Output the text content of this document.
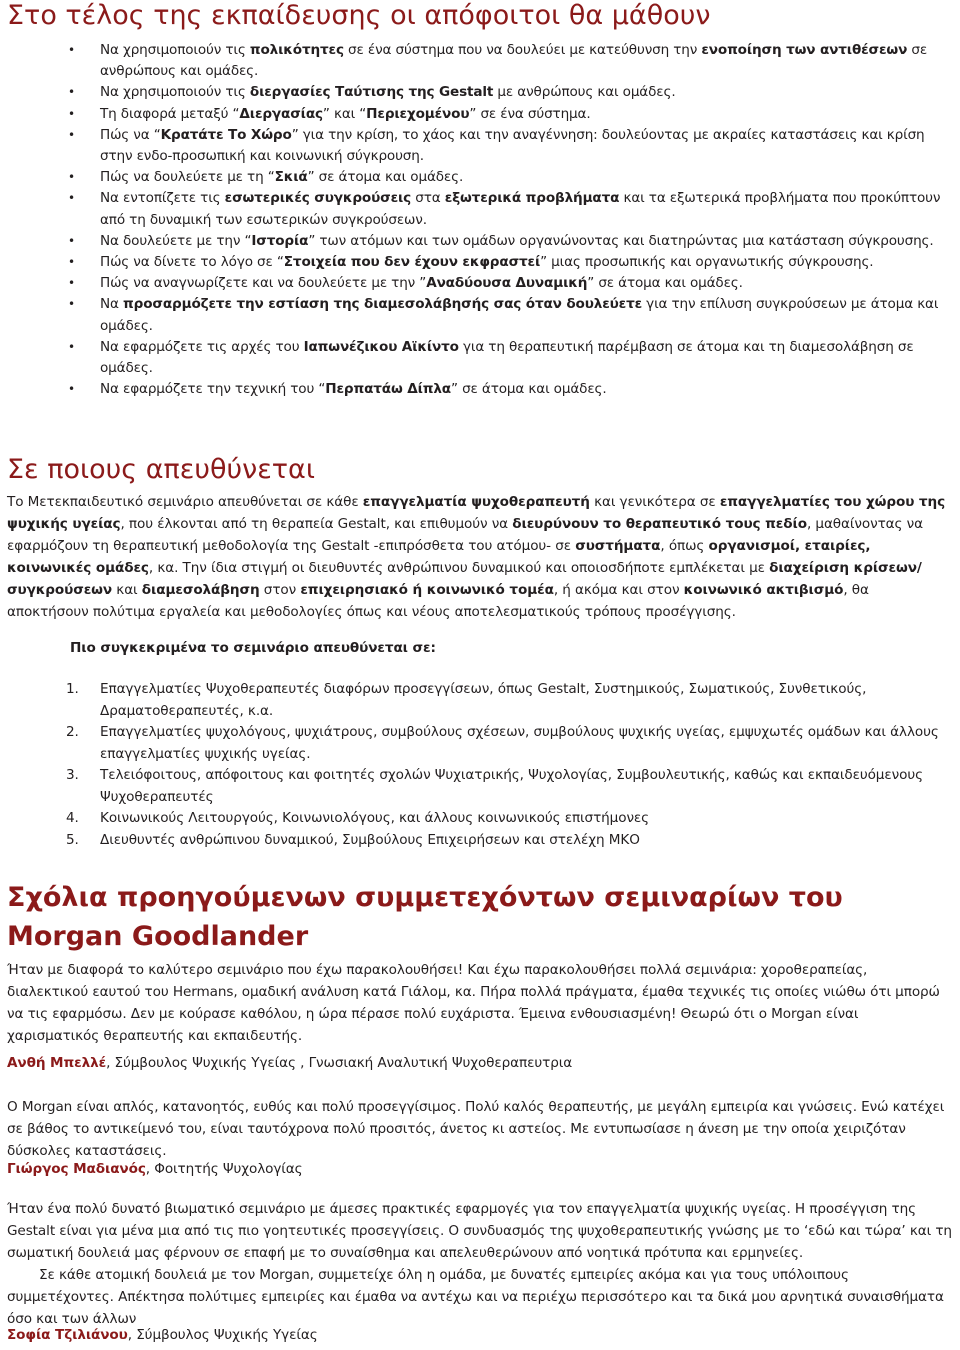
Στο τέλος της εκπαίδευσης οι απόφοιτοι θα μάθουν
• Να χρησιμοποιούν τις πολικότητες σε ένα σύστημα που να δουλεύει με κατεύθυνση την ενοποίηση των αντιθέσεων σε ανθρώπους και ομάδες.
• Να χρησιμοποιούν τις διεργασίες Ταύτισης της Gestalt με ανθρώπους και ομάδες.
• Τη διαφορά μεταξύ “Διεργασίας” και “Περιεχομένου” σε ένα σύστημα.
• Πώς να “Κρατάτε Το Χώρο” για την κρίση, το χάος και την αναγέννηση: δουλεύοντας με ακραίες καταστάσεις και κρίση στην ενδο-προσωπική και κοινωνική σύγκρουση.
• Πώς να δουλεύετε με τη “Σκιά” σε άτομα και ομάδες.
• Να εντοπίζετε τις εσωτερικές συγκρούσεις στα εξωτερικά προβλήματα και τα εξωτερικά προβλήματα που προκύπτουν από τη δυναμική των εσωτερικών συγκρούσεων.
• Να δουλεύετε με την “Ιστορία” των ατόμων και των ομάδων οργανώνοντας και διατηρώντας μια κατάσταση σύγκρουσης.
• Πώς να δίνετε το λόγο σε “Στοιχεία που δεν έχουν εκφραστεί” μιας προσωπικής και οργανωτικής σύγκρουσης.
• Πώς να αναγνωρίζετε και να δουλεύετε με την ”Αναδύουσα Δυναμική” σε άτομα και ομάδες.
• Να προσαρμόζετε την εστίαση της διαμεσολάβησής σας όταν δουλεύετε για την επίλυση συγκρούσεων με άτομα και ομάδες.
• Να εφαρμόζετε τις αρχές του Ιαπωνέζικου Αϊκίντο για τη θεραπευτική παρέμβαση σε άτομα και τη διαμεσολάβηση σε ομάδες.
• Να εφαρμόζετε την τεχνική του “Περπατάω Δίπλα” σε άτομα και ομάδες.
Σε ποιους απευθύνεται

Το Μετεκπαιδευτικό σεμινάριο απευθύνεται σε κάθε επαγγελματία ψυχοθεραπευτή και γενικότερα σε επαγγελματίες του χώρου της ψυχικής υγείας, που έλκονται από τη θεραπεία Gestalt, και επιθυμούν να διευρύνουν το θεραπευτικό τους πεδίο, μαθαίνοντας να εφαρμόζουν τη θεραπευτική μεθοδολογία της Gestalt -επιπρόσθετα του ατόμου- σε συστήματα, όπως οργανισμοί, εταιρίες, κοινωνικές ομάδες, κα. Την ίδια στιγμή οι διευθυντές ανθρώπινου δυναμικού και οποιοσδήποτε εμπλέκεται με διαχείριση κρίσεων/συγκρούσεων και διαμεσολάβηση στον επιχειρησιακό ή κοινωνικό τομέα, ή ακόμα και στον κοινωνικό ακτιβισμό, θα αποκτήσουν πολύτιμα εργαλεία και μεθοδολογίες όπως και νέους αποτελεσματικούς τρόπους προσέγγισης.

Πιο συγκεκριμένα το σεμινάριο απευθύνεται σε:

1. Επαγγελματίες Ψυχοθεραπευτές διαφόρων προσεγγίσεων, όπως Gestalt, Συστημικούς, Σωματικούς, Συνθετικούς, Δραματοθεραπευτές, κ.α.
2. Επαγγελματίες ψυχολόγους, ψυχιάτρους, συμβούλους σχέσεων, συμβούλους ψυχικής υγείας, εμψυχωτές ομάδων και άλλους επαγγελματίες ψυχικής υγείας.
3. Τελειόφοιτους, απόφοιτους και φοιτητές σχολών Ψυχιατρικής, Ψυχολογίας, Συμβουλευτικής, καθώς και εκπαιδευόμενους Ψυχοθεραπευτές
4. Κοινωνικούς Λειτουργούς, Κοινωνιολόγους, και άλλους κοινωνικούς επιστήμονες
5. Διευθυντές ανθρώπινου δυναμικού, Συμβούλους Επιχειρήσεων και στελέχη ΜΚΟ
Σχόλια προηγούμενων συμμετεχόντων σεμιναρίων του Morgan Goodlander

Ήταν με διαφορά το καλύτερο σεμινάριο που έχω παρακολουθήσει! Και έχω παρακολουθήσει πολλά σεμινάρια: χοροθεραπείας, διαλεκτικού εαυτού του Hermans, ομαδική ανάλυση κατά Γιάλομ, κα. Πήρα πολλά πράγματα, έμαθα τεχνικές τις οποίες νιώθω ότι μπορώ να τις εφαρμόσω. Δεν με κούρασε καθόλου, η ώρα πέρασε πολύ ευχάριστα. Έμεινα ενθουσιασμένη! Θεωρώ ότι ο Morgan είναι χαρισματικός θεραπευτής και εκπαιδευτής.

Ανθή Μπελλέ, Σύμβουλος Ψυχικής Υγείας , Γνωσιακή Αναλυτική Ψυχοθεραπευτρια

Ο Morgan είναι απλός, κατανοητός, ευθύς και πολύ προσεγγίσιμος. Πολύ καλός θεραπευτής, με μεγάλη εμπειρία και γνώσεις. Ενώ κατέχει σε βάθος το αντικείμενό του, είναι ταυτόχρονα πολύ προσιτός, άνετος κι αστείος. Με εντυπωσίασε η άνεση με την οποία χειριζόταν δύσκολες καταστάσεις.

Γιώργος Μαδιανός, Φοιτητής Ψυχολογίας

Ήταν ένα πολύ δυνατό βιωματικό σεμινάριο με άμεσες πρακτικές εφαρμογές για τον επαγγελματία ψυχικής υγείας. Η προσέγγιση της Gestalt είναι για μένα μια από τις πιο γοητευτικές προσεγγίσεις. Ο συνδυασμός της ψυχοθεραπευτικής γνώσης με το ‘εδώ και τώρα’ και τη σωματική δουλειά μας φέρνουν σε επαφή με το συναίσθημα και απελευθερώνουν από νοητικά πρότυπα και ερμηνείες.
Σε κάθε ατομική δουλειά με τον Morgan, συμμετείχε όλη η ομάδα, με δυνατές εμπειρίες ακόμα και για τους υπόλοιπους συμμετέχοντες. Απέκτησα πολύτιμες εμπειρίες και έμαθα να αντέχω και να περιέχω περισσότερο και τα δικά μου αρνητικά συναισθήματα όσο και των άλλων

Σοφία Τζιλιάνου, Σύμβουλος Ψυχικής Υγείας
